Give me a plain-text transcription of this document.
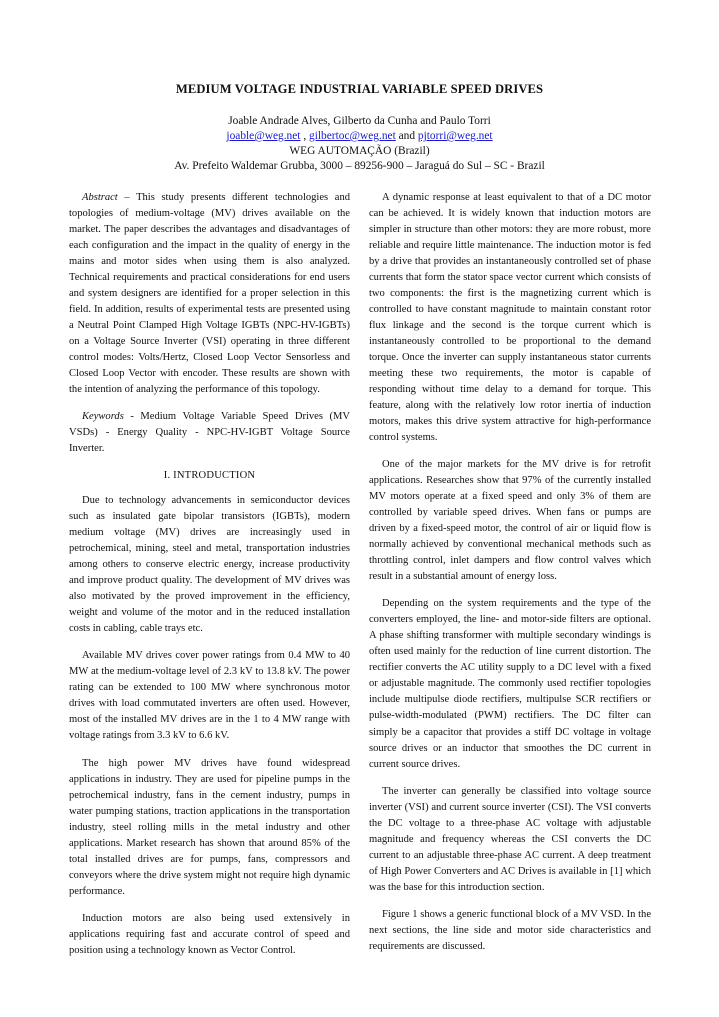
MEDIUM VOLTAGE INDUSTRIAL VARIABLE SPEED DRIVES
Joable Andrade Alves, Gilberto da Cunha and Paulo Torri
joable@weg.net , gilbertoc@weg.net and pjtorri@weg.net
WEG AUTOMAÇÃO (Brazil)
Av. Prefeito Waldemar Grubba, 3000 – 89256-900 – Jaraguá do Sul – SC - Brazil

Abstract – This study presents different technologies and topologies of medium-voltage (MV) drives available on the market. The paper describes the advantages and disadvantages of each configuration and the impact in the quality of energy in the mains and motor sides when using them is also analyzed. Technical requirements and practical considerations for end users and system designers are identified for a proper selection in this field. In addition, results of experimental tests are presented using a Neutral Point Clamped High Voltage IGBTs (NPC-HV-IGBTs) on a Voltage Source Inverter (VSI) operating in three different control modes: Volts/Hertz, Closed Loop Vector Sensorless and Closed Loop Vector with encoder. These results are shown with the intention of analyzing the performance of this topology.

Keywords - Medium Voltage Variable Speed Drives (MV VSDs) - Energy Quality - NPC-HV-IGBT Voltage Source Inverter.

I. INTRODUCTION

Due to technology advancements in semiconductor devices such as insulated gate bipolar transistors (IGBTs), modern medium voltage (MV) drives are increasingly used in petrochemical, mining, steel and metal, transportation industries among others to conserve electric energy, increase productivity and improve product quality. The development of MV drives was also motivated by the proved improvement in the efficiency, weight and volume of the motor and in the reduced installation costs in cabling, cable trays etc.

Available MV drives cover power ratings from 0.4 MW to 40 MW at the medium-voltage level of 2.3 kV to 13.8 kV. The power rating can be extended to 100 MW where synchronous motor drives with load commutated inverters are often used. However, most of the installed MV drives are in the 1 to 4 MW range with voltage ratings from 3.3 kV to 6.6 kV.

The high power MV drives have found widespread applications in industry. They are used for pipeline pumps in the petrochemical industry, fans in the cement industry, pumps in water pumping stations, traction applications in the transportation industry, steel rolling mills in the metal industry and other applications. Market research has shown that around 85% of the total installed drives are for pumps, fans, compressors and conveyors where the drive system might not require high dynamic performance.

Induction motors are also being used extensively in applications requiring fast and accurate control of speed and position using a technology known as Vector Control.

A dynamic response at least equivalent to that of a DC motor can be achieved. It is widely known that induction motors are simpler in structure than other motors: they are more robust, more reliable and require little maintenance. The induction motor is fed by a drive that provides an instantaneously controlled set of phase currents that form the stator space vector current which consists of two components: the first is the magnetizing current which is controlled to have constant magnitude to maintain constant rotor flux linkage and the second is the torque current which is instantaneously controlled to be proportional to the demand torque. Once the inverter can supply instantaneous stator currents meeting these two requirements, the motor is capable of responding without time delay to a demand for torque. This feature, along with the relatively low rotor inertia of induction motors, makes this drive system attractive for high-performance control systems.

One of the major markets for the MV drive is for retrofit applications. Researches show that 97% of the currently installed MV motors operate at a fixed speed and only 3% of them are controlled by variable speed drives. When fans or pumps are driven by a fixed-speed motor, the control of air or liquid flow is normally achieved by conventional mechanical methods such as throttling control, inlet dampers and flow control valves which result in a substantial amount of energy loss.

Depending on the system requirements and the type of the converters employed, the line- and motor-side filters are optional. A phase shifting transformer with multiple secondary windings is often used mainly for the reduction of line current distortion. The rectifier converts the AC utility supply to a DC level with a fixed or adjustable magnitude. The commonly used rectifier topologies include multipulse diode rectifiers, multipulse SCR rectifiers or pulse-width-modulated (PWM) rectifiers. The DC filter can simply be a capacitor that provides a stiff DC voltage in voltage source drives or an inductor that smoothes the DC current in current source drives.

The inverter can generally be classified into voltage source inverter (VSI) and current source inverter (CSI). The VSI converts the DC voltage to a three-phase AC voltage with adjustable magnitude and frequency whereas the CSI converts the DC current to an adjustable three-phase AC current. A deep treatment of High Power Converters and AC Drives is available in [1] which was the base for this introduction section.

Figure 1 shows a generic functional block of a MV VSD. In the next sections, the line side and motor side characteristics and requirements are discussed.
